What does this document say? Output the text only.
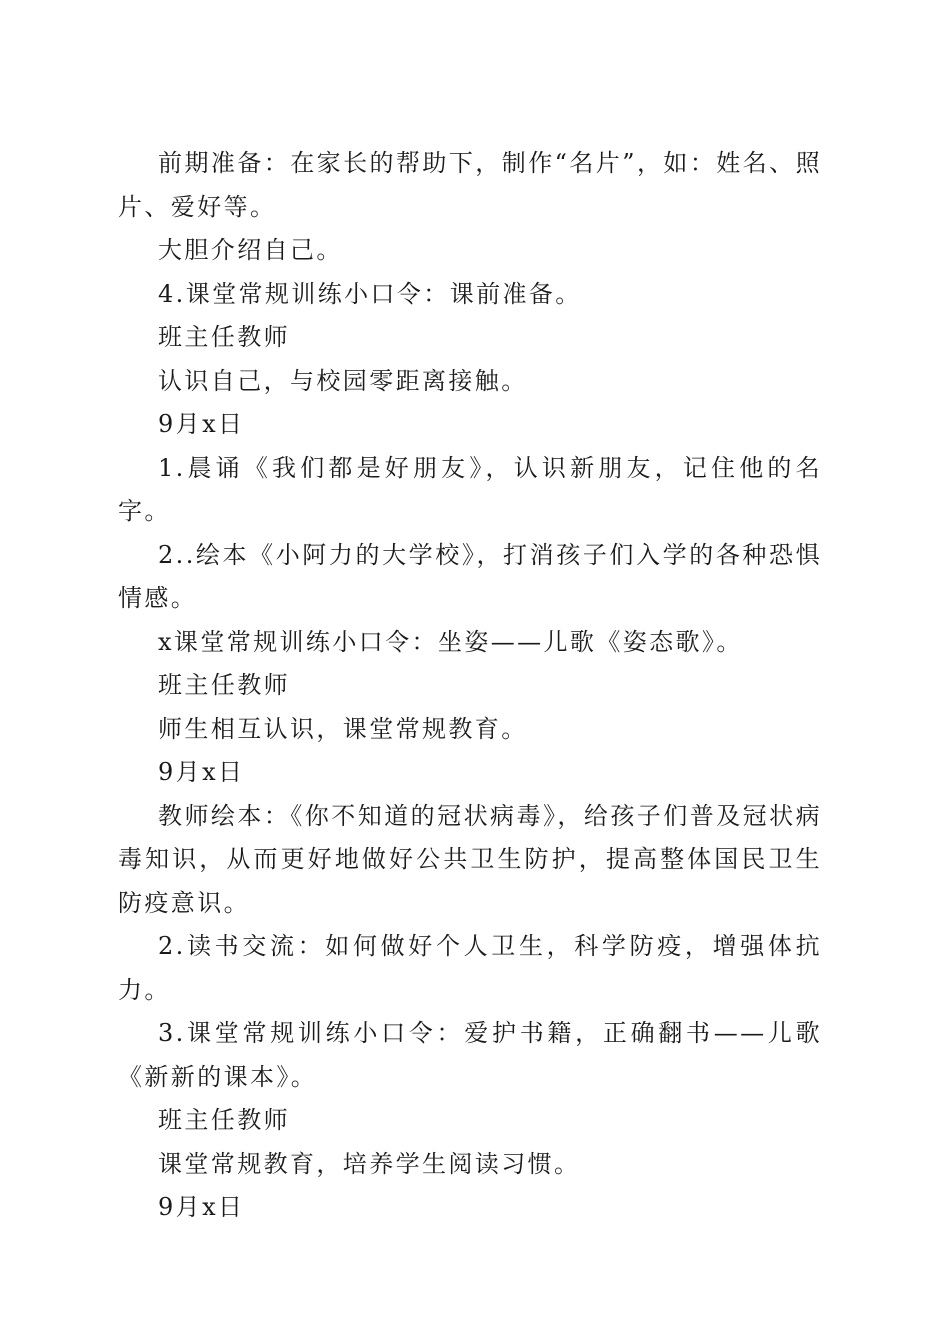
前期准备：在家长的帮助下，制作“名片”，如：姓名、照片、爱好等。

大胆介绍自己。

4.课堂常规训练小口令：课前准备。

班主任教师

认识自己，与校园零距离接触。

9月x日

1.晨诵《我们都是好朋友》，认识新朋友，记住他的名字。

2..绘本《小阿力的大学校》，打消孩子们入学的各种恐惧情感。

x课堂常规训练小口令：坐姿——儿歌《姿态歌》。

班主任教师

师生相互认识，课堂常规教育。

9月x日

教师绘本：《你不知道的冠状病毒》，给孩子们普及冠状病毒知识，从而更好地做好公共卫生防护，提高整体国民卫生防疫意识。

2.读书交流：如何做好个人卫生，科学防疫，增强体抗力。

3.课堂常规训练小口令：爱护书籍，正确翻书——儿歌《新新的课本》。

班主任教师

课堂常规教育，培养学生阅读习惯。

9月x日
